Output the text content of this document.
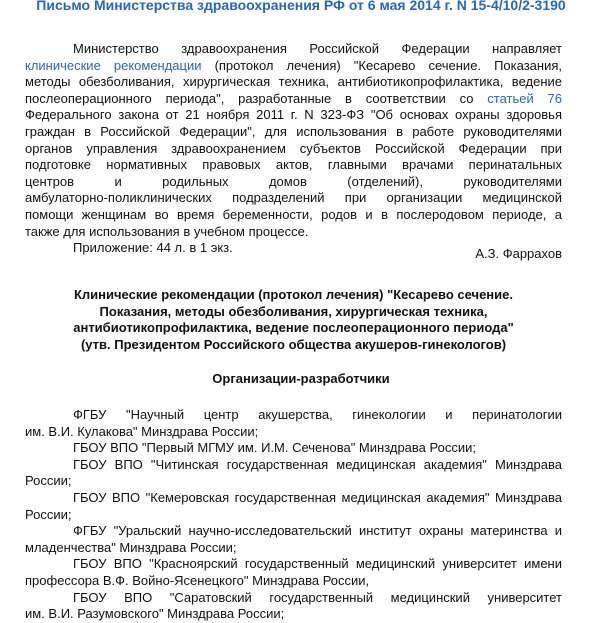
Письмо Министерства здравоохранения РФ от 6 мая 2014 г. N 15-4/10/2-3190
Министерство здравоохранения Российской Федерации направляет
клинические рекомендации (протокол лечения) "Кесарево сечение. Показания,
методы обезболивания, хирургическая техника, антибиотикопрофилактика, ведение
послеоперационного периода", разработанные в соответствии со статьей 76
Федерального закона от 21 ноября 2011 г. N 323-ФЗ "Об основах охраны здоровья
граждан в Российской Федерации", для использования в работе руководителями
органов управления здравоохранением субъектов Российской Федерации при
подготовке нормативных правовых актов, главными врачами перинатальных
центров и родильных домов (отделений), руководителями
амбулаторно-поликлинических подразделений при организации медицинской
помощи женщинам во время беременности, родов и в послеродовом периоде, а
также для использования в учебном процессе.
Приложение: 44 л. в 1 экз.	А.З. Фаррахов
Клинические рекомендации (протокол лечения) "Кесарево сечение.
Показания, методы обезболивания, хирургическая техника,
антибиотикопрофилактика, ведение послеоперационного периода"
(утв. Президентом Российского общества акушеров-гинекологов)
Организации-разработчики
ФГБУ "Научный центр акушерства, гинекологии и перинатологии
им. В.И. Кулакова" Минздрава России;
ГБОУ ВПО "Первый МГМУ им. И.М. Сеченова" Минздрава России;
ГБОУ ВПО "Читинская государственная медицинская академия" Минздрава
России;
ГБОУ ВПО "Кемеровская государственная медицинская академия" Минздрава
России;
ФГБУ "Уральский научно-исследовательский институт охраны материнства и
младенчества" Минздрава России;
ГБОУ ВПО "Красноярский государственный медицинский университет имени
профессора В.Ф. Войно-Ясенецкого" Минздрава России,
ГБОУ ВПО "Саратовский государственный медицинский университет
им. В.И. Разумовского" Минздрава России;
